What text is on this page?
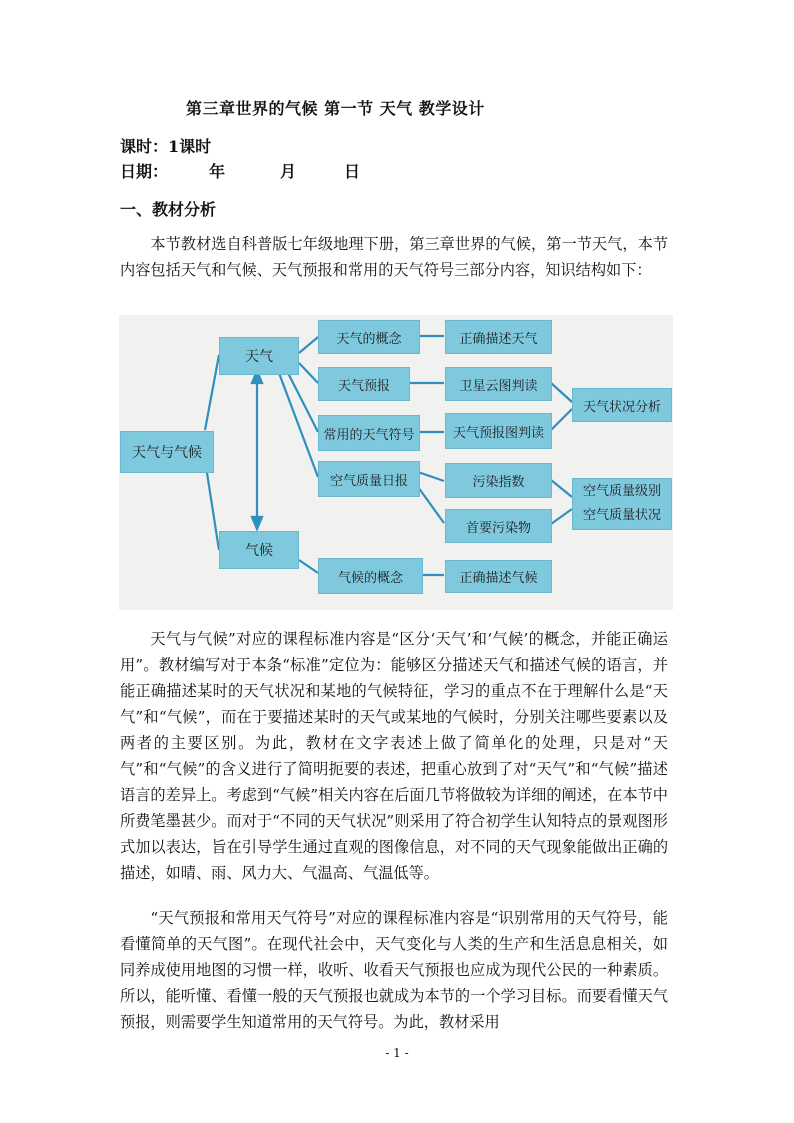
第三章世界的气候 第一节 天气 教学设计
课时：1课时
日期：	年	月	日
一、教材分析
本节教材选自科普版七年级地理下册，第三章世界的气候，第一节天气，本节内容包括天气和气候、天气预报和常用的天气符号三部分内容，知识结构如下：
天气与气候
天气
气候
天气的概念
天气预报
常用的天气符号
空气质量日报
气候的概念
正确描述天气
卫星云图判读
天气预报图判读
污染指数
首要污染物
正确描述气候
天气状况分析
空气质量级别
空气质量状况
天气与气候”对应的课程标准内容是“区分‘天气’和‘气候’的概念，并能正确运用”。教材编写对于本条“标准”定位为：能够区分描述天气和描述气候的语言，并能正确描述某时的天气状况和某地的气候特征，学习的重点不在于理解什么是“天气”和“气候”，而在于要描述某时的天气或某地的气候时，分别关注哪些要素以及两者的主要区别。为此，教材在文字表述上做了简单化的处理，只是对“天气”和“气候”的含义进行了简明扼要的表述，把重心放到了对“天气”和“气候”描述语言的差异上。考虑到“气候”相关内容在后面几节将做较为详细的阐述，在本节中所费笔墨甚少。而对于“不同的天气状况”则采用了符合初学生认知特点的景观图形式加以表达，旨在引导学生通过直观的图像信息，对不同的天气现象能做出正确的描述，如晴、雨、风力大、气温高、气温低等。
“天气预报和常用天气符号”对应的课程标准内容是“识别常用的天气符号，能看懂简单的天气图”。在现代社会中，天气变化与人类的生产和生活息息相关，如同养成使用地图的习惯一样，收听、收看天气预报也应成为现代公民的一种素质。所以，能听懂、看懂一般的天气预报也就成为本节的一个学习目标。而要看懂天气预报，则需要学生知道常用的天气符号。为此，教材采用
- 1 -
